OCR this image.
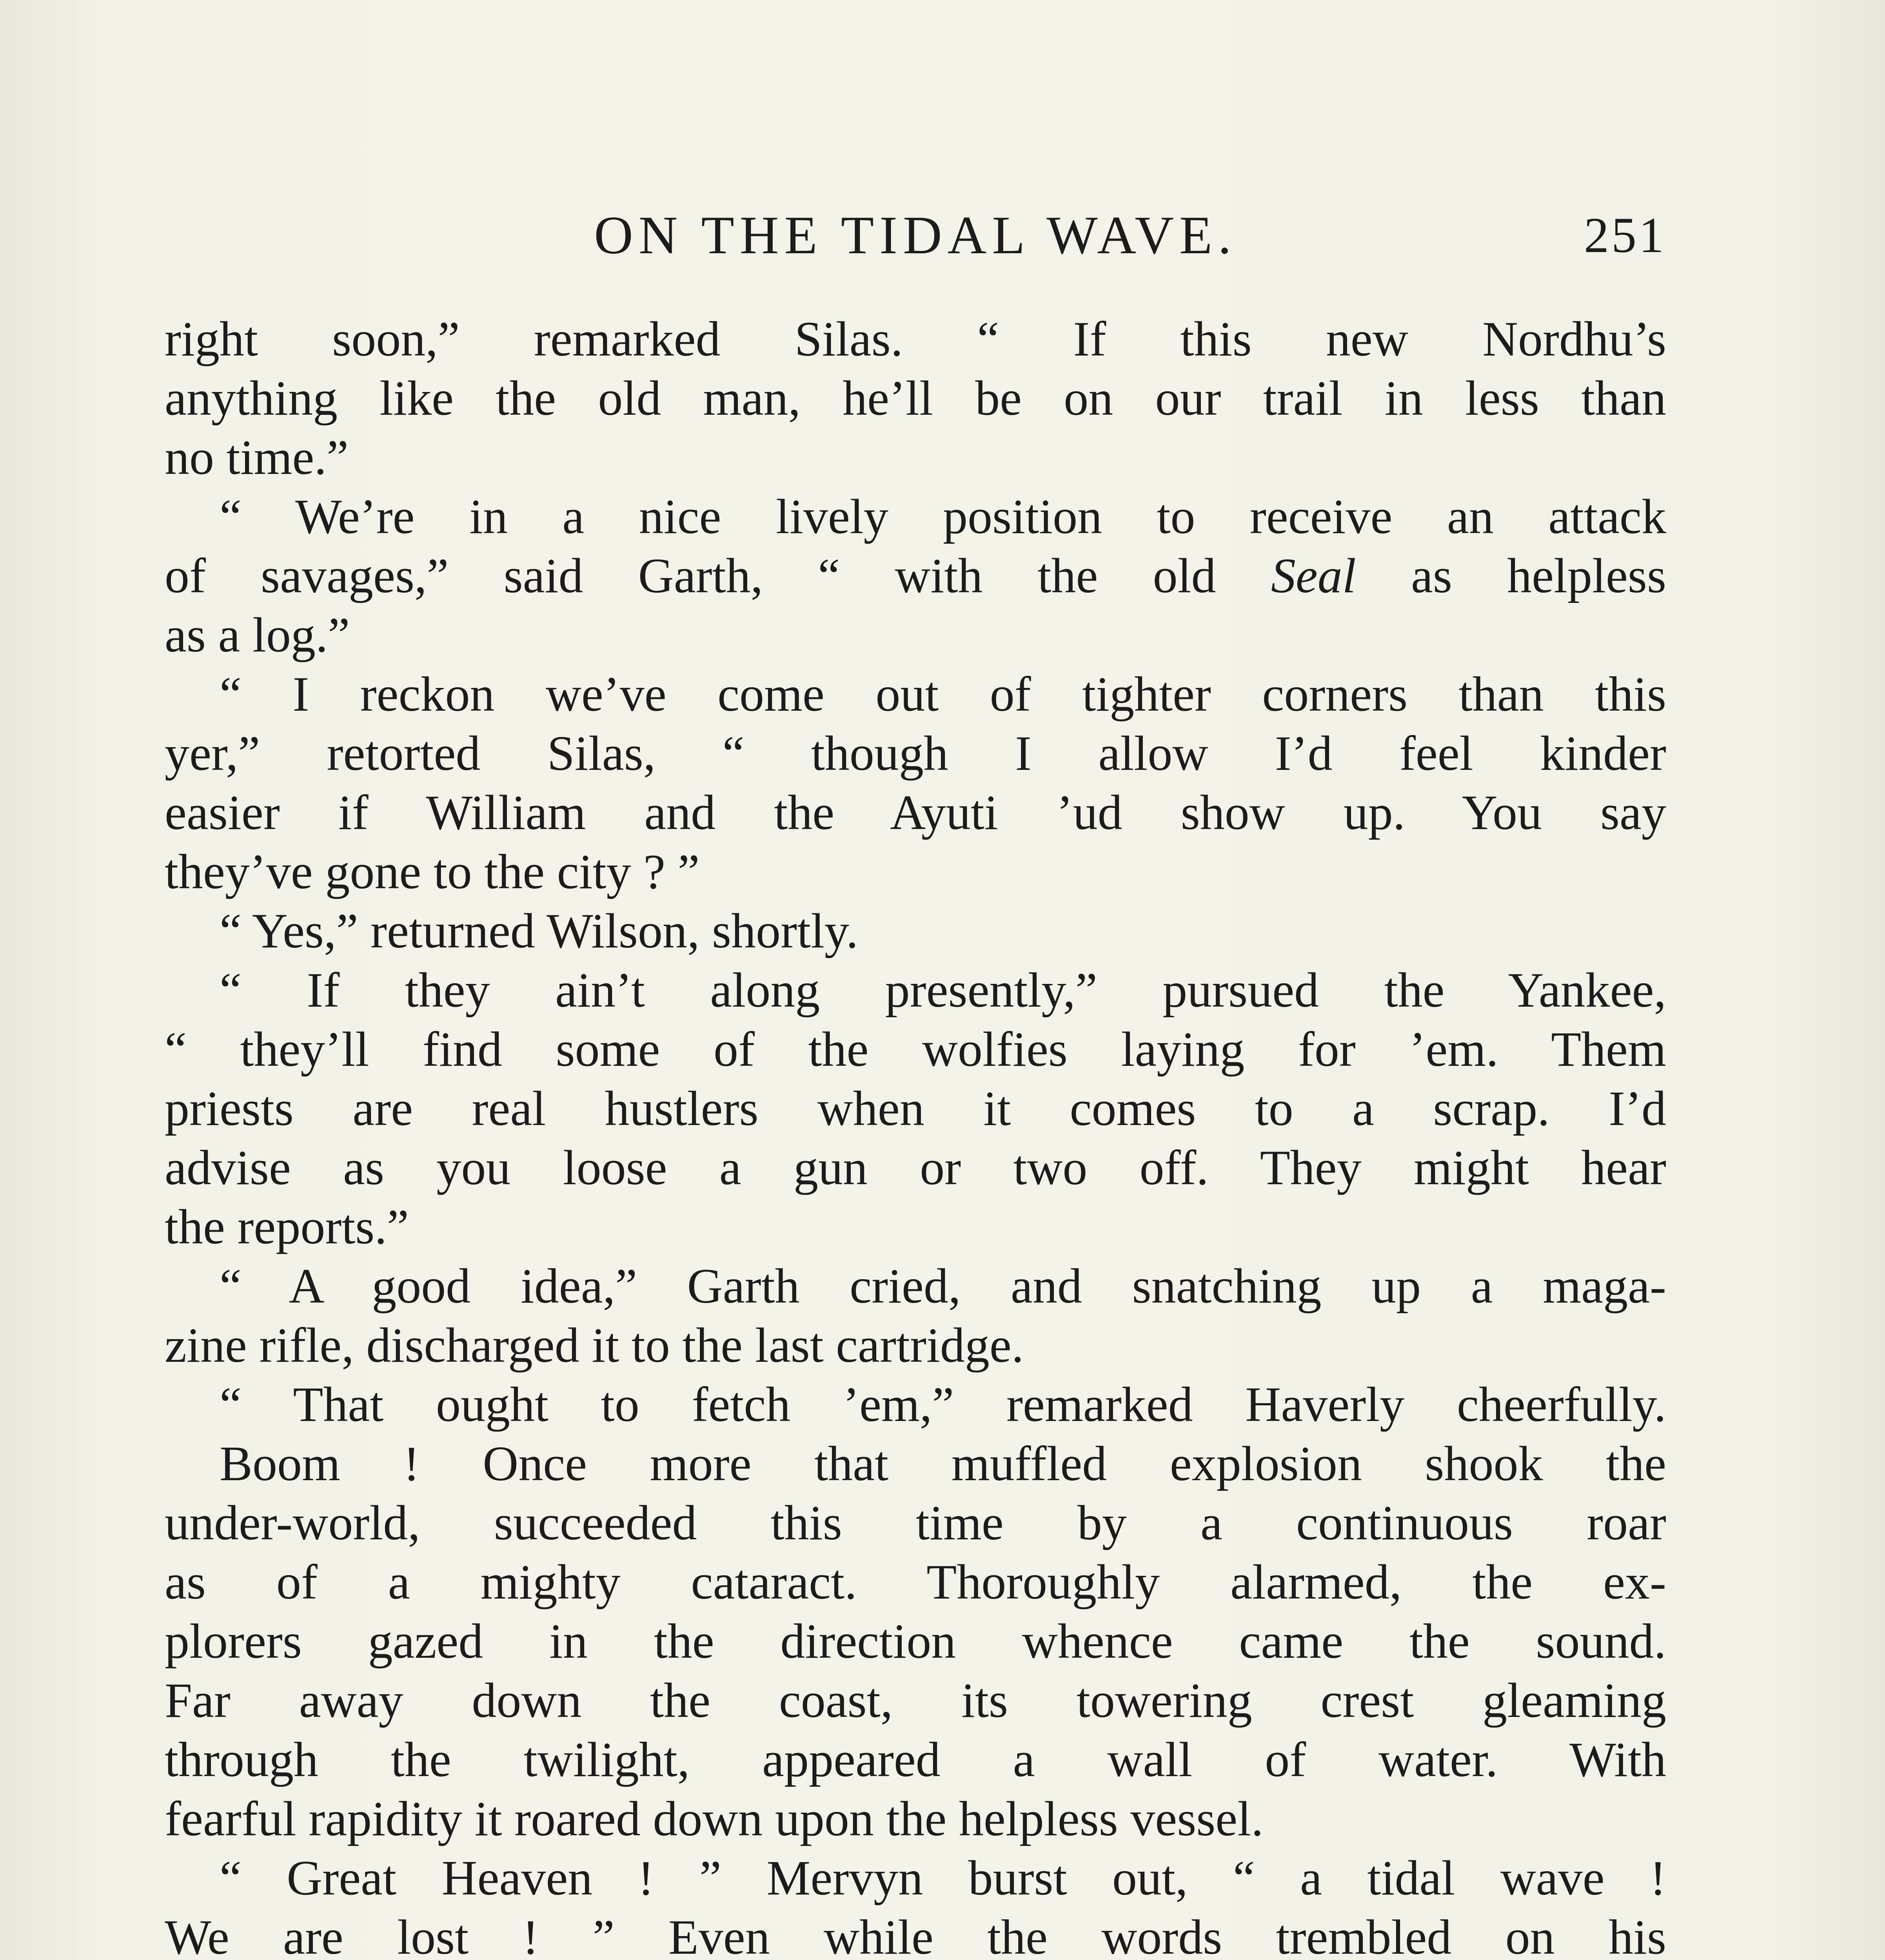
ON THE TIDAL WAVE.	251
right soon,” remarked Silas. “ If this new Nordhu’s
anything like the old man, he’ll be on our trail in less than
no time.”
“ We’re in a nice lively position to receive an attack
of savages,” said Garth, “ with the old Seal as helpless
as a log.”
“ I reckon we’ve come out of tighter corners than this
yer,” retorted Silas, “ though I allow I’d feel kinder
easier if William and the Ayuti ’ud show up. You say
they’ve gone to the city ? ”
“ Yes,” returned Wilson, shortly.
“ If they ain’t along presently,” pursued the Yankee,
“ they’ll find some of the wolfies laying for ’em. Them
priests are real hustlers when it comes to a scrap. I’d
advise as you loose a gun or two off. They might hear
the reports.”
“ A good idea,” Garth cried, and snatching up a maga-
zine rifle, discharged it to the last cartridge.
“ That ought to fetch ’em,” remarked Haverly cheerfully.
Boom ! Once more that muffled explosion shook the
under-world, succeeded this time by a continuous roar
as of a mighty cataract. Thoroughly alarmed, the ex-
plorers gazed in the direction whence came the sound.
Far away down the coast, its towering crest gleaming
through the twilight, appeared a wall of water. With
fearful rapidity it roared down upon the helpless vessel.
“ Great Heaven ! ” Mervyn burst out, “ a tidal wave !
We are lost ! ” Even while the words trembled on his
